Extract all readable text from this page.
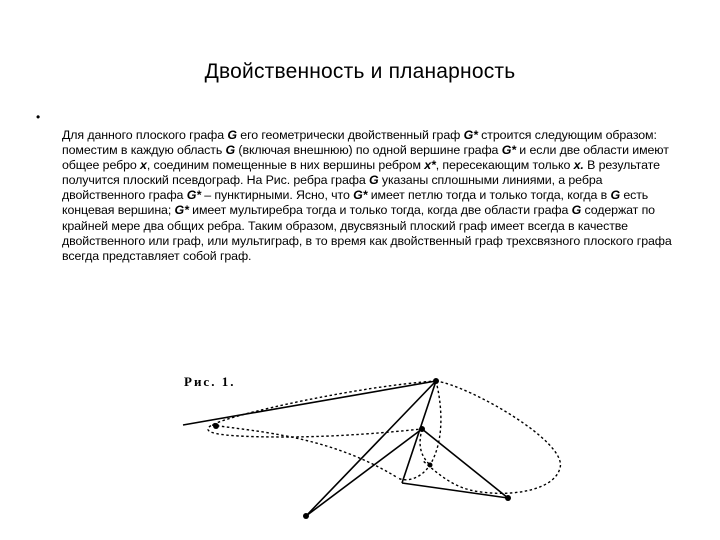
Двойственность и планарность
•
Для данного плоского графа G его геометрически двойственный граф G* строится следующим образом: поместим в каждую область G (включая внешнюю) по одной вершине графа G* и если две области имеют общее ребро x, соединим помещенные в них вершины ребром x*, пересекающим только x. В результате получится плоский псевдограф. На Рис. ребра графа G указаны сплошными линиями, а ребра двойственного графа G* – пунктирными. Ясно, что G* имеет петлю тогда и только тогда, когда в G есть концевая вершина; G* имеет мультиребра тогда и только тогда, когда две области графа G содержат по крайней мере два общих ребра. Таким образом, двусвязный плоский граф имеет всегда в качестве двойственного или граф, или мультиграф, в то время как двойственный граф трехсвязного плоского графа всегда представляет собой граф.
Рис. 1.
